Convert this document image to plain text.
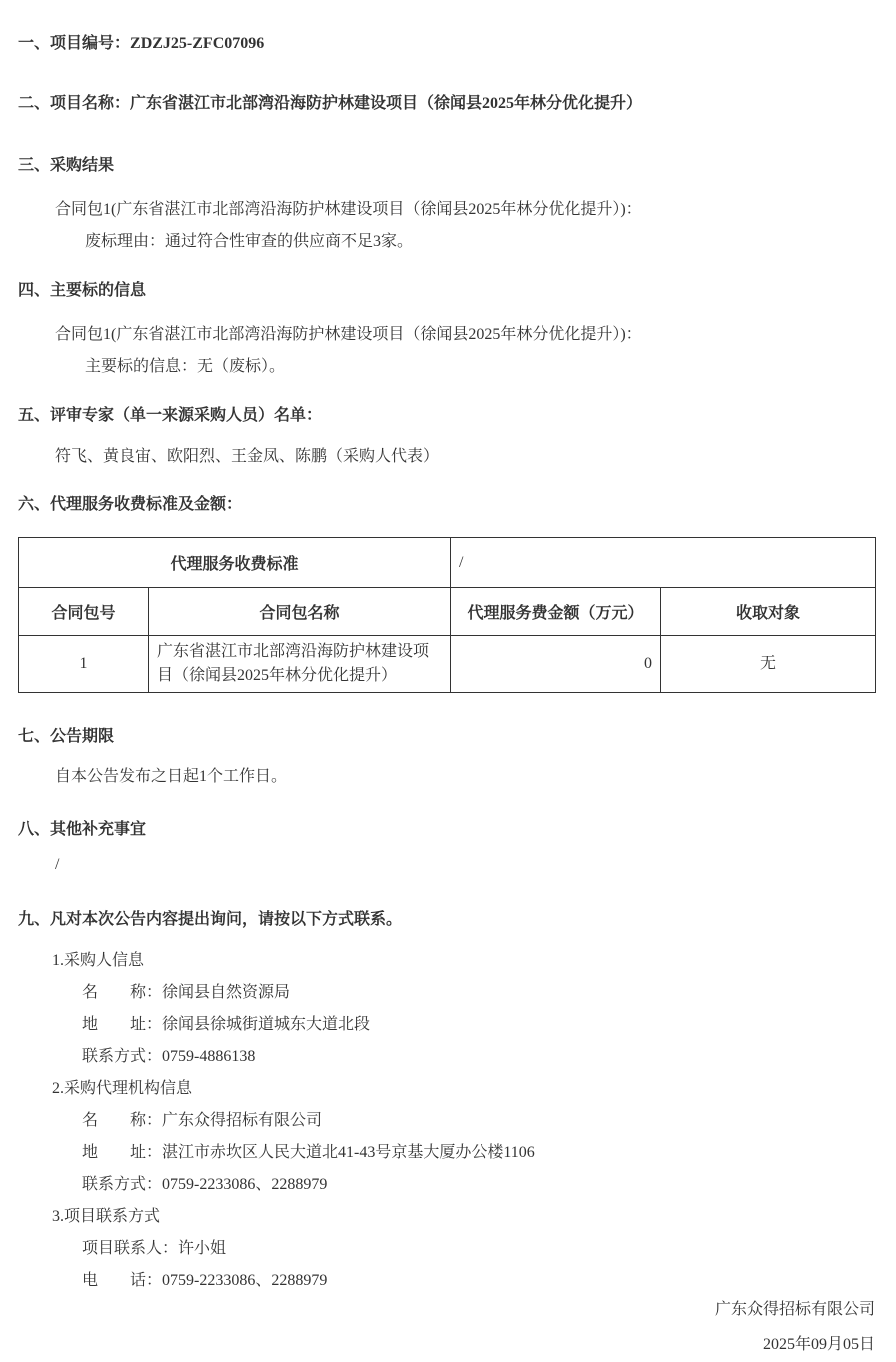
一、项目编号：ZDZJ25-ZFC07096
二、项目名称：广东省湛江市北部湾沿海防护林建设项目（徐闻县2025年林分优化提升）
三、采购结果
合同包1(广东省湛江市北部湾沿海防护林建设项目（徐闻县2025年林分优化提升）)：
废标理由：通过符合性审查的供应商不足3家。
四、主要标的信息
合同包1(广东省湛江市北部湾沿海防护林建设项目（徐闻县2025年林分优化提升）)：
主要标的信息：无（废标）。
五、评审专家（单一来源采购人员）名单：
符飞、黄良宙、欧阳烈、王金凤、陈鹏（采购人代表）
六、代理服务收费标准及金额：
代理服务收费标准		/	
合同包号	合同包名称	代理服务费金额（万元）	收取对象
1	广东省湛江市北部湾沿海防护林建设项目（徐闻县2025年林分优化提升）	0	无
七、公告期限
自本公告发布之日起1个工作日。
八、其他补充事宜
/
九、凡对本次公告内容提出询问，请按以下方式联系。
1.采购人信息
名　　称：徐闻县自然资源局
地　　址：徐闻县徐城街道城东大道北段
联系方式：0759-4886138
2.采购代理机构信息
名　　称：广东众得招标有限公司
地　　址：湛江市赤坎区人民大道北41-43号京基大厦办公楼1106
联系方式：0759-2233086、2288979
3.项目联系方式
项目联系人：许小姐
电　　话：0759-2233086、2288979
广东众得招标有限公司
2025年09月05日
